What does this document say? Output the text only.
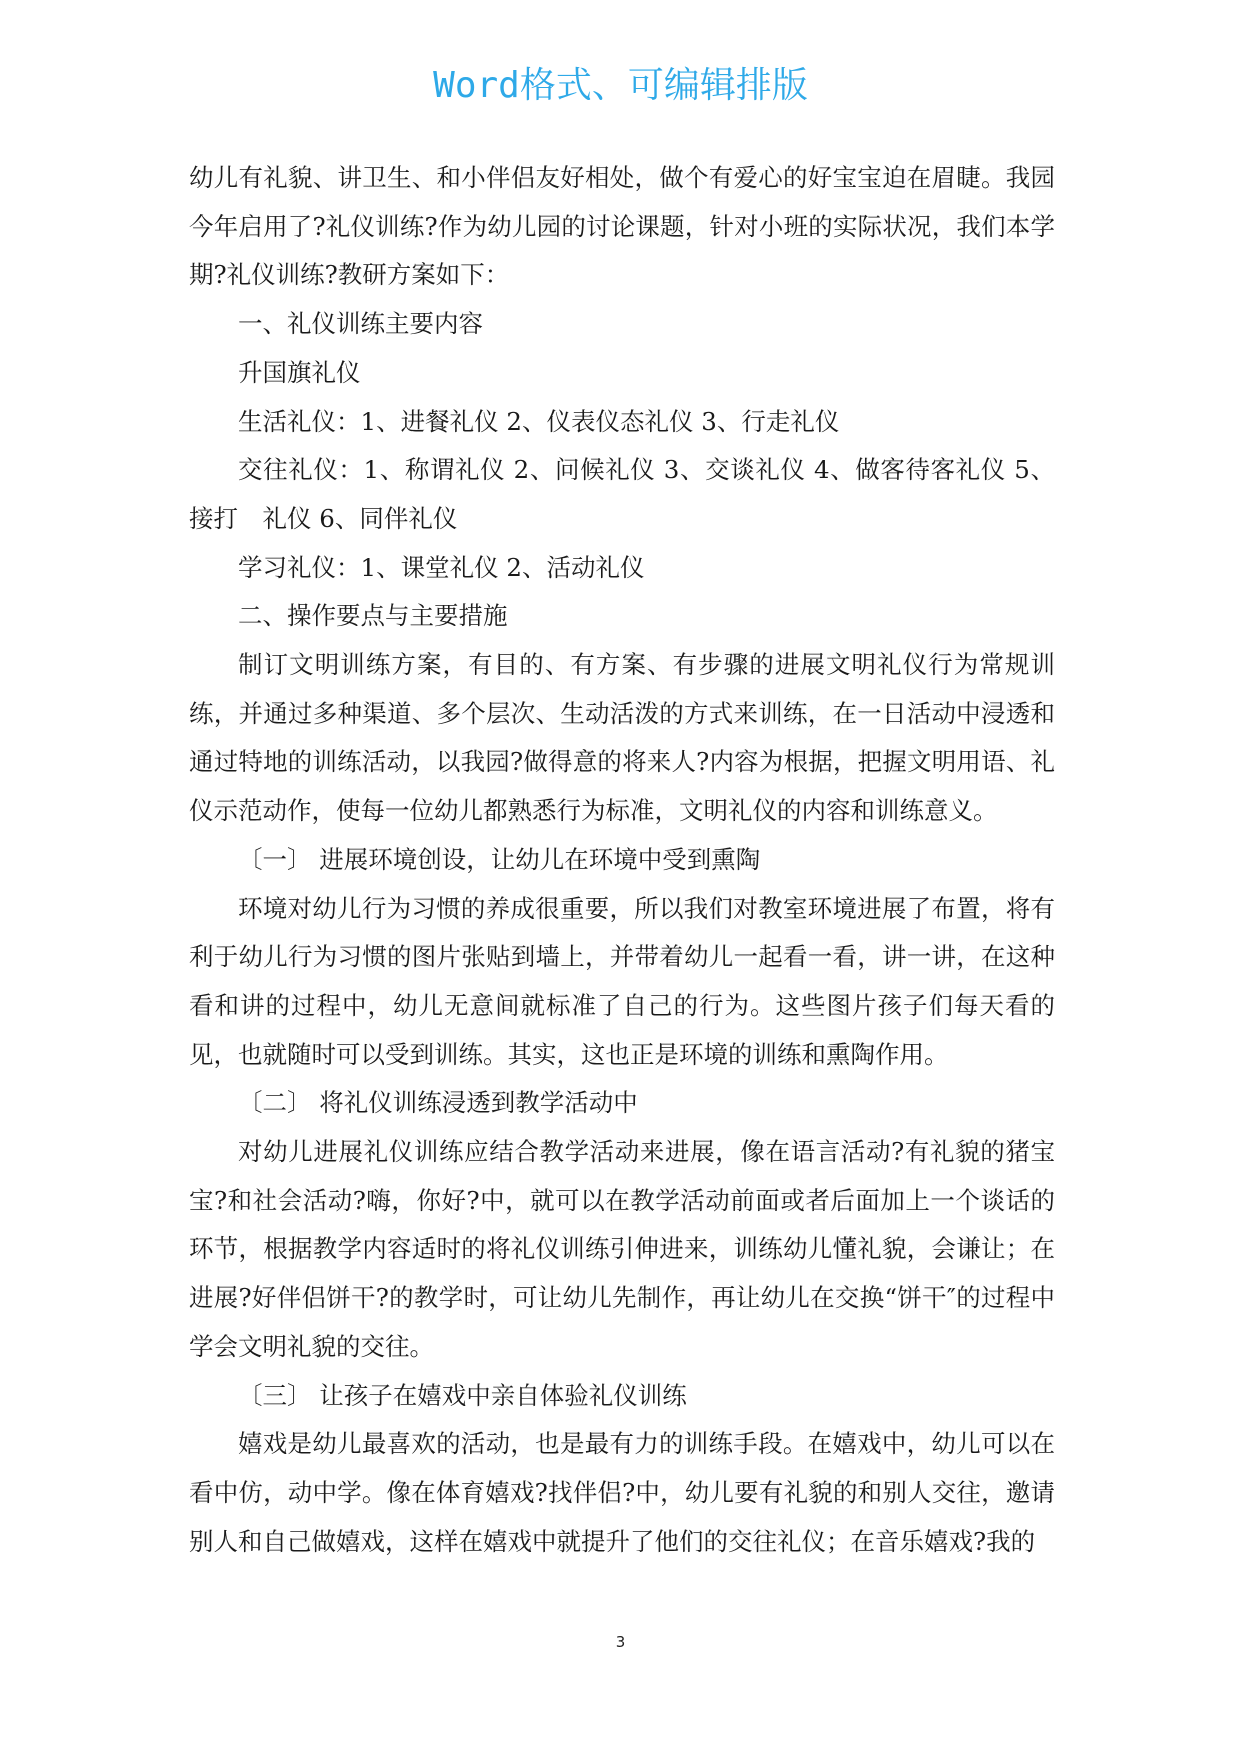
Word格式、可编辑排版

幼儿有礼貌、讲卫生、和小伴侣友好相处，做个有爱心的好宝宝迫在眉睫。我园今年启用了?礼仪训练?作为幼儿园的讨论课题，针对小班的实际状况，我们本学期?礼仪训练?教研方案如下：

一、礼仪训练主要内容

升国旗礼仪

生活礼仪：1、进餐礼仪 2、仪表仪态礼仪 3、行走礼仪

交往礼仪：1、称谓礼仪 2、问候礼仪 3、交谈礼仪 4、做客待客礼仪 5、接打　礼仪 6、同伴礼仪

学习礼仪：1、课堂礼仪 2、活动礼仪

二、操作要点与主要措施

制订文明训练方案，有目的、有方案、有步骤的进展文明礼仪行为常规训练，并通过多种渠道、多个层次、生动活泼的方式来训练，在一日活动中浸透和通过特地的训练活动，以我园?做得意的将来人?内容为根据，把握文明用语、礼仪示范动作，使每一位幼儿都熟悉行为标准，文明礼仪的内容和训练意义。

〔一〕 进展环境创设，让幼儿在环境中受到熏陶

环境对幼儿行为习惯的养成很重要，所以我们对教室环境进展了布置，将有利于幼儿行为习惯的图片张贴到墙上，并带着幼儿一起看一看，讲一讲，在这种看和讲的过程中，幼儿无意间就标准了自己的行为。这些图片孩子们每天看的见，也就随时可以受到训练。其实，这也正是环境的训练和熏陶作用。

〔二〕 将礼仪训练浸透到教学活动中

对幼儿进展礼仪训练应结合教学活动来进展，像在语言活动?有礼貌的猪宝宝?和社会活动?嗨，你好?中，就可以在教学活动前面或者后面加上一个谈话的环节，根据教学内容适时的将礼仪训练引伸进来，训练幼儿懂礼貌，会谦让；在进展?好伴侣饼干?的教学时，可让幼儿先制作，再让幼儿在交换“饼干″的过程中学会文明礼貌的交往。

〔三〕 让孩子在嬉戏中亲自体验礼仪训练

嬉戏是幼儿最喜欢的活动，也是最有力的训练手段。在嬉戏中，幼儿可以在看中仿，动中学。像在体育嬉戏?找伴侣?中，幼儿要有礼貌的和别人交往，邀请别人和自己做嬉戏，这样在嬉戏中就提升了他们的交往礼仪；在音乐嬉戏?我的

3
